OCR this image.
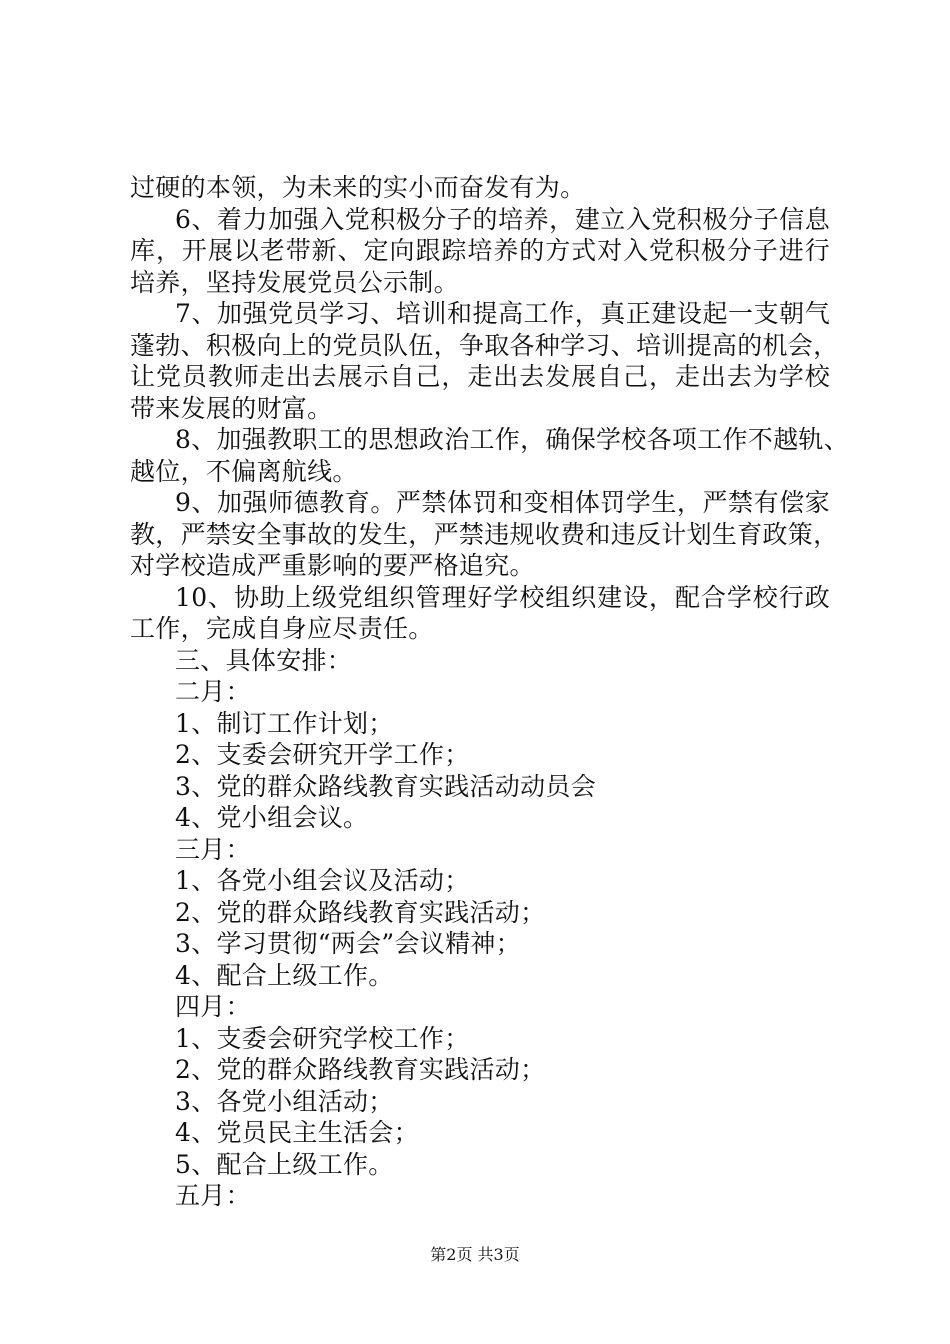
过硬的本领，为未来的实小而奋发有为。
6、着力加强入党积极分子的培养，建立入党积极分子信息
库，开展以老带新、定向跟踪培养的方式对入党积极分子进行
培养，坚持发展党员公示制。
7、加强党员学习、培训和提高工作，真正建设起一支朝气
蓬勃、积极向上的党员队伍，争取各种学习、培训提高的机会，
让党员教师走出去展示自己，走出去发展自己，走出去为学校
带来发展的财富。
8、加强教职工的思想政治工作，确保学校各项工作不越轨、
越位，不偏离航线。
9、加强师德教育。严禁体罚和变相体罚学生，严禁有偿家
教，严禁安全事故的发生，严禁违规收费和违反计划生育政策，
对学校造成严重影响的要严格追究。
10、协助上级党组织管理好学校组织建设，配合学校行政
工作，完成自身应尽责任。
三、具体安排：
二月：
1、制订工作计划；
2、支委会研究开学工作；
3、党的群众路线教育实践活动动员会
4、党小组会议。
三月：
1、各党小组会议及活动；
2、党的群众路线教育实践活动；
3、学习贯彻“两会”会议精神；
4、配合上级工作。
四月：
1、支委会研究学校工作；
2、党的群众路线教育实践活动；
3、各党小组活动；
4、党员民主生活会；
5、配合上级工作。
五月：
第2页 共3页
